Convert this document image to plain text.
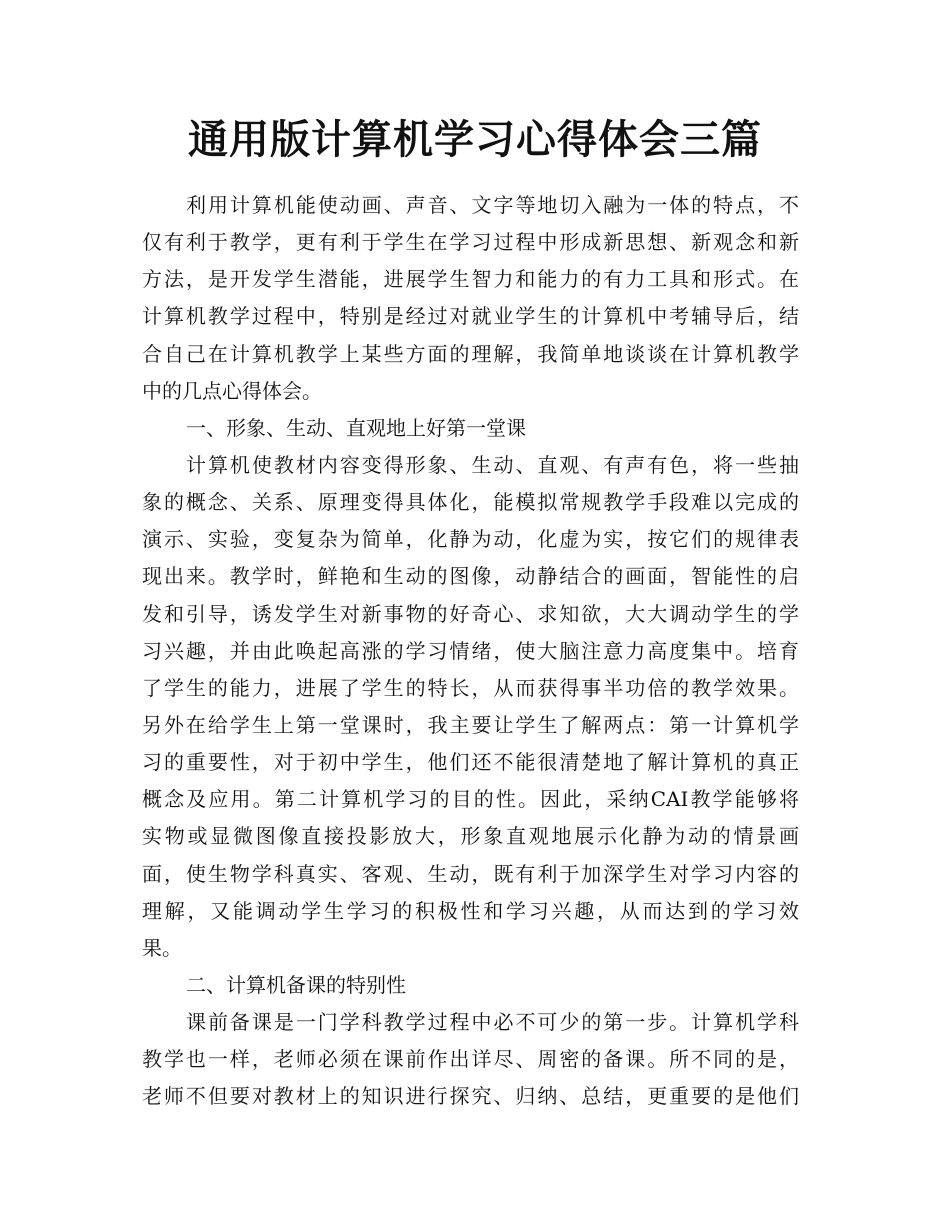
通用版计算机学习心得体会三篇
利用计算机能使动画、声音、文字等地切入融为一体的特点，不
仅有利于教学，更有利于学生在学习过程中形成新思想、新观念和新
方法，是开发学生潜能，进展学生智力和能力的有力工具和形式。在
计算机教学过程中，特别是经过对就业学生的计算机中考辅导后，结
合自己在计算机教学上某些方面的理解，我简单地谈谈在计算机教学
中的几点心得体会。
一、形象、生动、直观地上好第一堂课
计算机使教材内容变得形象、生动、直观、有声有色，将一些抽
象的概念、关系、原理变得具体化，能模拟常规教学手段难以完成的
演示、实验，变复杂为简单，化静为动，化虚为实，按它们的规律表
现出来。教学时，鲜艳和生动的图像，动静结合的画面，智能性的启
发和引导，诱发学生对新事物的好奇心、求知欲，大大调动学生的学
习兴趣，并由此唤起高涨的学习情绪，使大脑注意力高度集中。培育
了学生的能力，进展了学生的特长，从而获得事半功倍的教学效果。
另外在给学生上第一堂课时，我主要让学生了解两点：第一计算机学
习的重要性，对于初中学生，他们还不能很清楚地了解计算机的真正
概念及应用。第二计算机学习的目的性。因此，采纳CAI教学能够将
实物或显微图像直接投影放大，形象直观地展示化静为动的情景画
面，使生物学科真实、客观、生动，既有利于加深学生对学习内容的
理解，又能调动学生学习的积极性和学习兴趣，从而达到的学习效
果。
二、计算机备课的特别性
课前备课是一门学科教学过程中必不可少的第一步。计算机学科
教学也一样，老师必须在课前作出详尽、周密的备课。所不同的是，
老师不但要对教材上的知识进行探究、归纳、总结，更重要的是他们
